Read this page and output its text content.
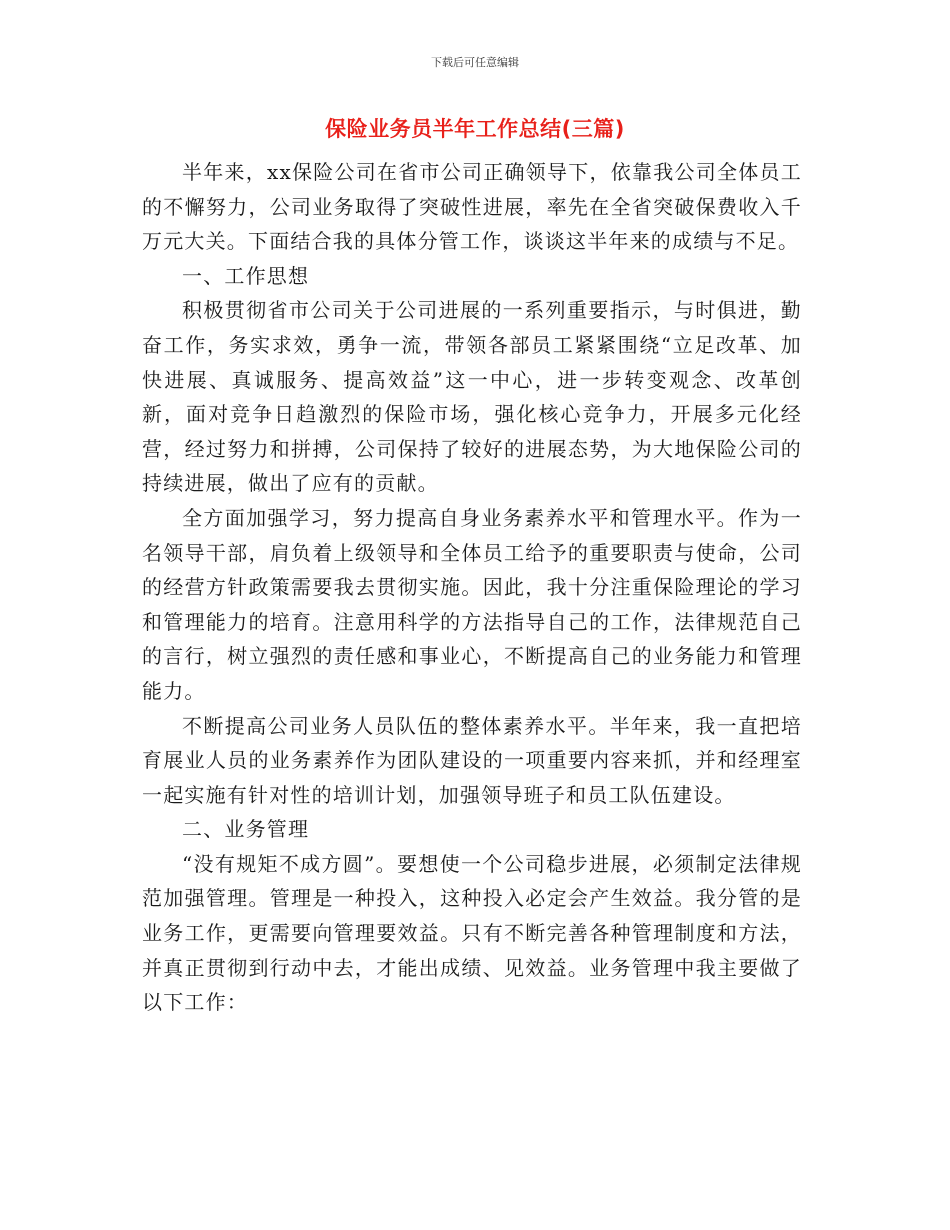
下载后可任意编辑
保险业务员半年工作总结(三篇)

半年来，xx保险公司在省市公司正确领导下，依靠我公司全体员工的不懈努力，公司业务取得了突破性进展，率先在全省突破保费收入千万元大关。下面结合我的具体分管工作，谈谈这半年来的成绩与不足。

一、工作思想

积极贯彻省市公司关于公司进展的一系列重要指示，与时俱进，勤奋工作，务实求效，勇争一流，带领各部员工紧紧围绕“立足改革、加快进展、真诚服务、提高效益”这一中心，进一步转变观念、改革创新，面对竞争日趋激烈的保险市场，强化核心竞争力，开展多元化经营，经过努力和拼搏，公司保持了较好的进展态势，为大地保险公司的持续进展，做出了应有的贡献。

全方面加强学习，努力提高自身业务素养水平和管理水平。作为一名领导干部，肩负着上级领导和全体员工给予的重要职责与使命，公司的经营方针政策需要我去贯彻实施。因此，我十分注重保险理论的学习和管理能力的培育。注意用科学的方法指导自己的工作，法律规范自己的言行，树立强烈的责任感和事业心，不断提高自己的业务能力和管理能力。

不断提高公司业务人员队伍的整体素养水平。半年来，我一直把培育展业人员的业务素养作为团队建设的一项重要内容来抓，并和经理室一起实施有针对性的培训计划，加强领导班子和员工队伍建设。

二、业务管理

“没有规矩不成方圆”。要想使一个公司稳步进展，必须制定法律规范加强管理。管理是一种投入，这种投入必定会产生效益。我分管的是业务工作，更需要向管理要效益。只有不断完善各种管理制度和方法，并真正贯彻到行动中去，才能出成绩、见效益。业务管理中我主要做了以下工作：
